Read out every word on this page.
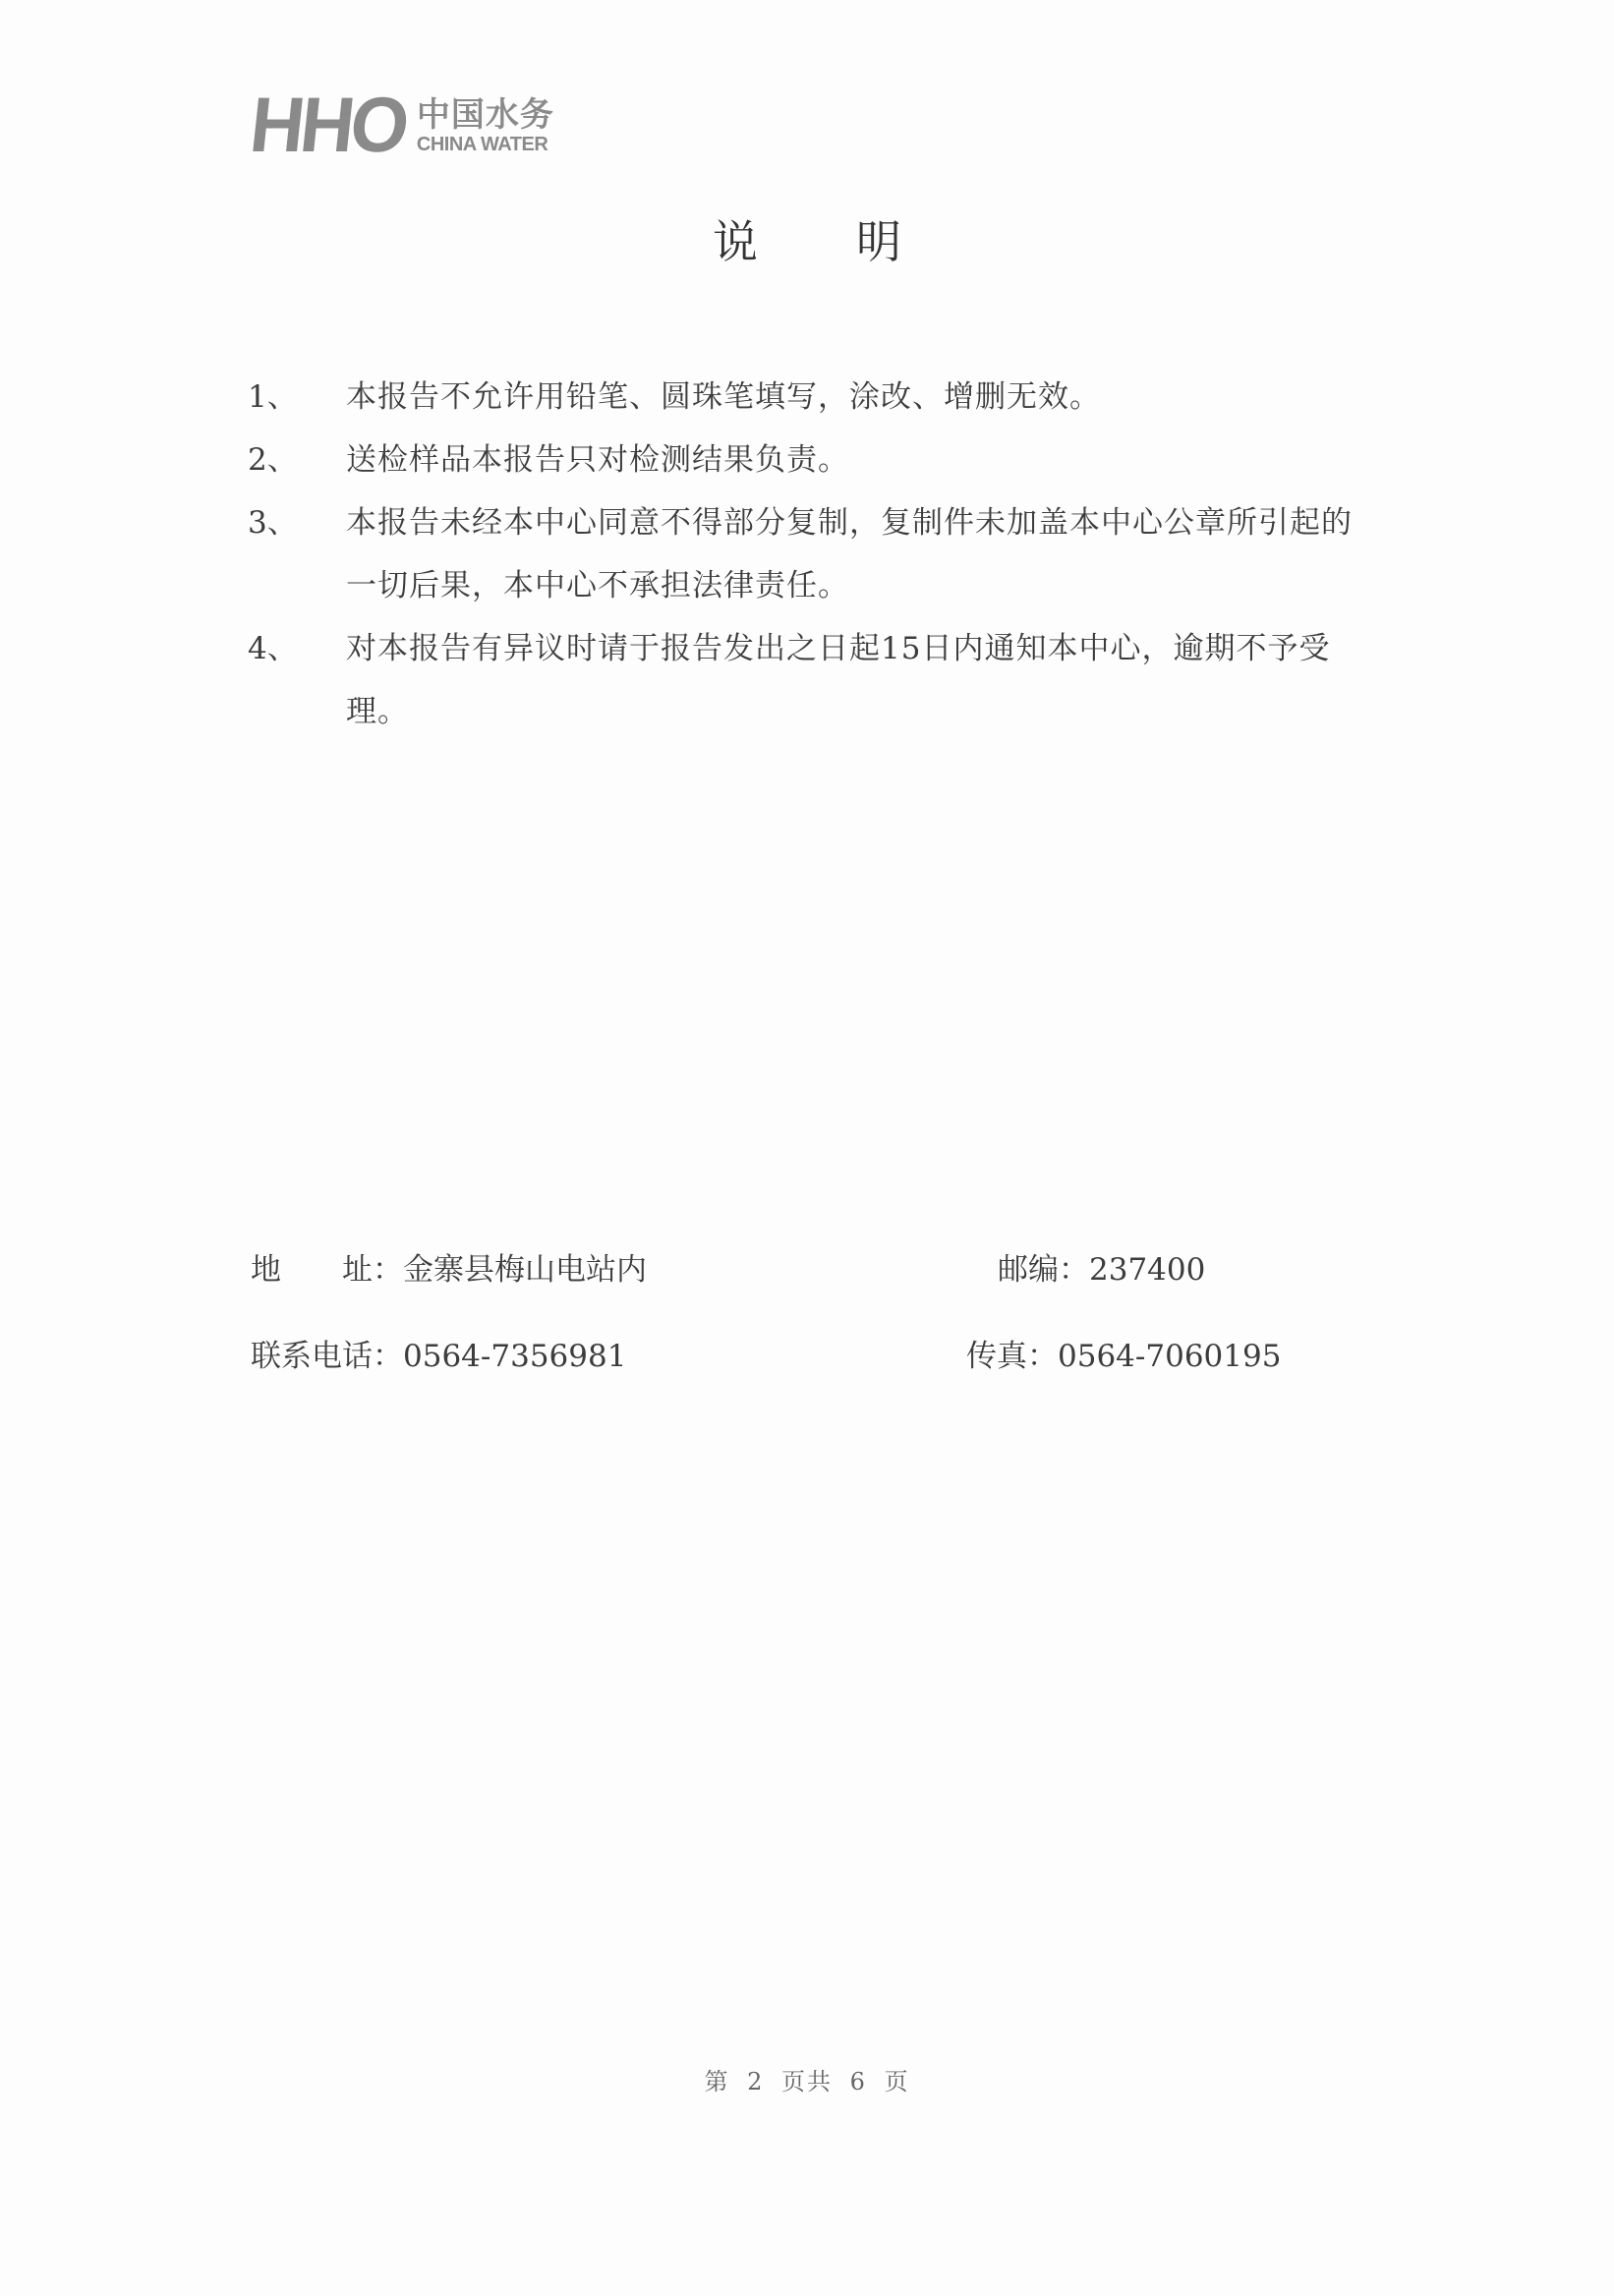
HHO 中国水务
CHINA WATER
说明
1、	本报告不允许用铅笔、圆珠笔填写，涂改、增删无效。
2、	送检样品本报告只对检测结果负责。
3、	本报告未经本中心同意不得部分复制，复制件未加盖本中心公章所引起的一切后果，本中心不承担法律责任。
4、	对本报告有异议时请于报告发出之日起15日内通知本中心，逾期不予受理。
地　　址：金寨县梅山电站内	邮编：237400
联系电话：0564-7356981	传真：0564-7060195
第 2 页共 6 页
